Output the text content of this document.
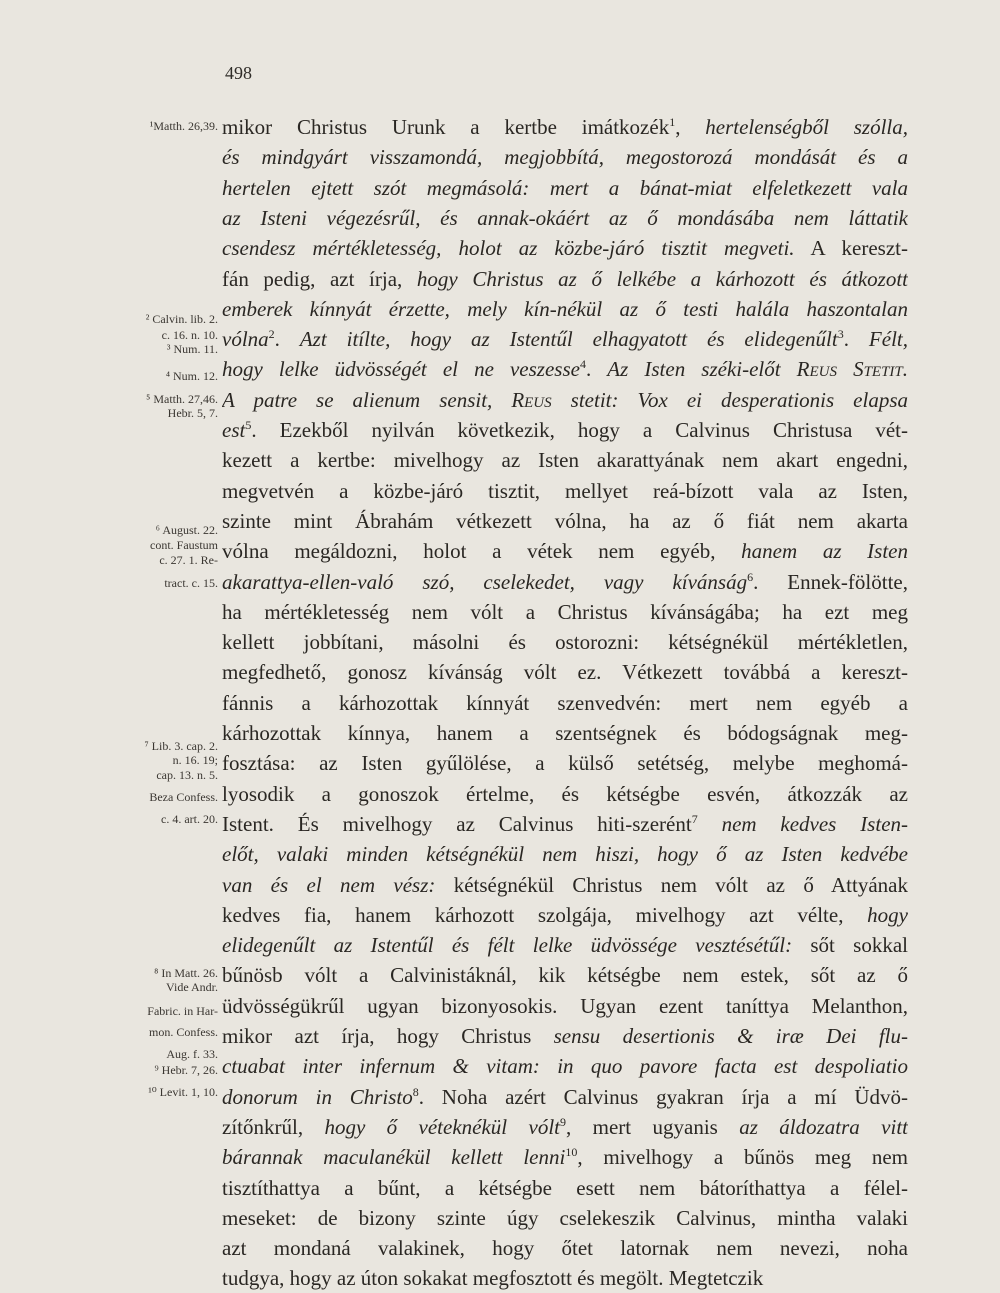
498
¹Matth. 26,39.
² Calvin. lib. 2.
c. 16. n. 10.
³ Num. 11.
⁴ Num. 12.
⁵ Matth. 27,46.
Hebr. 5, 7.
⁶ August. 22.
cont. Faustum
c. 27. 1. Re-
tract. c. 15.
⁷ Lib. 3. cap. 2.
n. 16. 19;
cap. 13. n. 5.
Beza Confess.
c. 4. art. 20.
⁸ In Matt. 26.
Vide Andr.
Fabric. in Har-
mon. Confess.
Aug. f. 33.
⁹ Hebr. 7, 26.
¹⁰ Levit. 1, 10.
mikor Christus Urunk a kertbe imátkozék$^1$, hertelenségből szólla,
és mindgyárt visszamondá, megjobbítá, megostorozá mondását és a
hertelen ejtett szót megmásolá: mert a bánat-miat elfeletkezett vala
az Isteni végezésrűl, és annak-okáért az ő mondásába nem láttatik
csendesz mértékletesség, holot az közbe-járó tisztit megveti. A kereszt-
fán pedig, azt írja, hogy Christus az ő lelkébe a kárhozott és átkozott
emberek kínnyát érzette, mely kín-nékül az ő testi halála haszontalan
vólna$^2$. Azt itílte, hogy az Istentűl elhagyatott és elidegenűlt$^3$. Félt,
hogy lelke üdvösségét el ne veszesse$^4$. Az Isten széki-előt Reus Stetit.
A patre se alienum sensit, Reus stetit: Vox ei desperationis elapsa
est$^5$. Ezekből nyilván következik, hogy a Calvinus Christusa vét-
kezett a kertbe: mivelhogy az Isten akarattyának nem akart engedni,
megvetvén a közbe-járó tisztit, mellyet reá-bízott vala az Isten,
szinte mint Ábrahám vétkezett vólna, ha az ő fiát nem akarta
vólna megáldozni, holot a vétek nem egyéb, hanem az Isten
akarattya-ellen-való szó, cselekedet, vagy kívánság$^6$. Ennek-fölötte,
ha mértékletesség nem vólt a Christus kívánságába; ha ezt meg
kellett jobbítani, másolni és ostorozni: kétségnékül mértékletlen,
megfedhető, gonosz kívánság vólt ez. Vétkezett továbbá a kereszt-
fánnis a kárhozottak kínnyát szenvedvén: mert nem egyéb a
kárhozottak kínnya, hanem a szentségnek és bódogságnak meg-
fosztása: az Isten gyűlölése, a külső setétség, melybe meghomá-
lyosodik a gonoszok értelme, és kétségbe esvén, átkozzák az
Istent. És mivelhogy az Calvinus hiti-szerént$^7$ nem kedves Isten-
előt, valaki minden kétségnékül nem hiszi, hogy ő az Isten kedvébe
van és el nem vész: kétségnékül Christus nem vólt az ő Attyának
kedves fia, hanem kárhozott szolgája, mivelhogy azt vélte, hogy
elidegenűlt az Istentűl és félt lelke üdvössége vesztésétűl: sőt sokkal
bűnösb vólt a Calvinistáknál, kik kétségbe nem estek, sőt az ő
üdvösségükrűl ugyan bizonyosokis. Ugyan ezent taníttya Melanthon,
mikor azt írja, hogy Christus sensu desertionis & iræ Dei flu-
ctuabat inter infernum & vitam: in quo pavore facta est despoliatio
donorum in Christo$^8$. Noha azért Calvinus gyakran írja a mí Üdvö-
zítőnkrűl, hogy ő véteknékül vólt$^9$, mert ugyanis az áldozatra vitt
bárannak maculanékül kellett lenni$^{10}$, mivelhogy a bűnös meg nem
tisztíthattya a bűnt, a kétségbe esett nem bátoríthattya a félel-
meseket: de bizony szinte úgy cselekeszik Calvinus, mintha valaki
azt mondaná valakinek, hogy őtet latornak nem nevezi, noha
tudgya, hogy az úton sokakat megfosztott és megölt. Megtetczik
